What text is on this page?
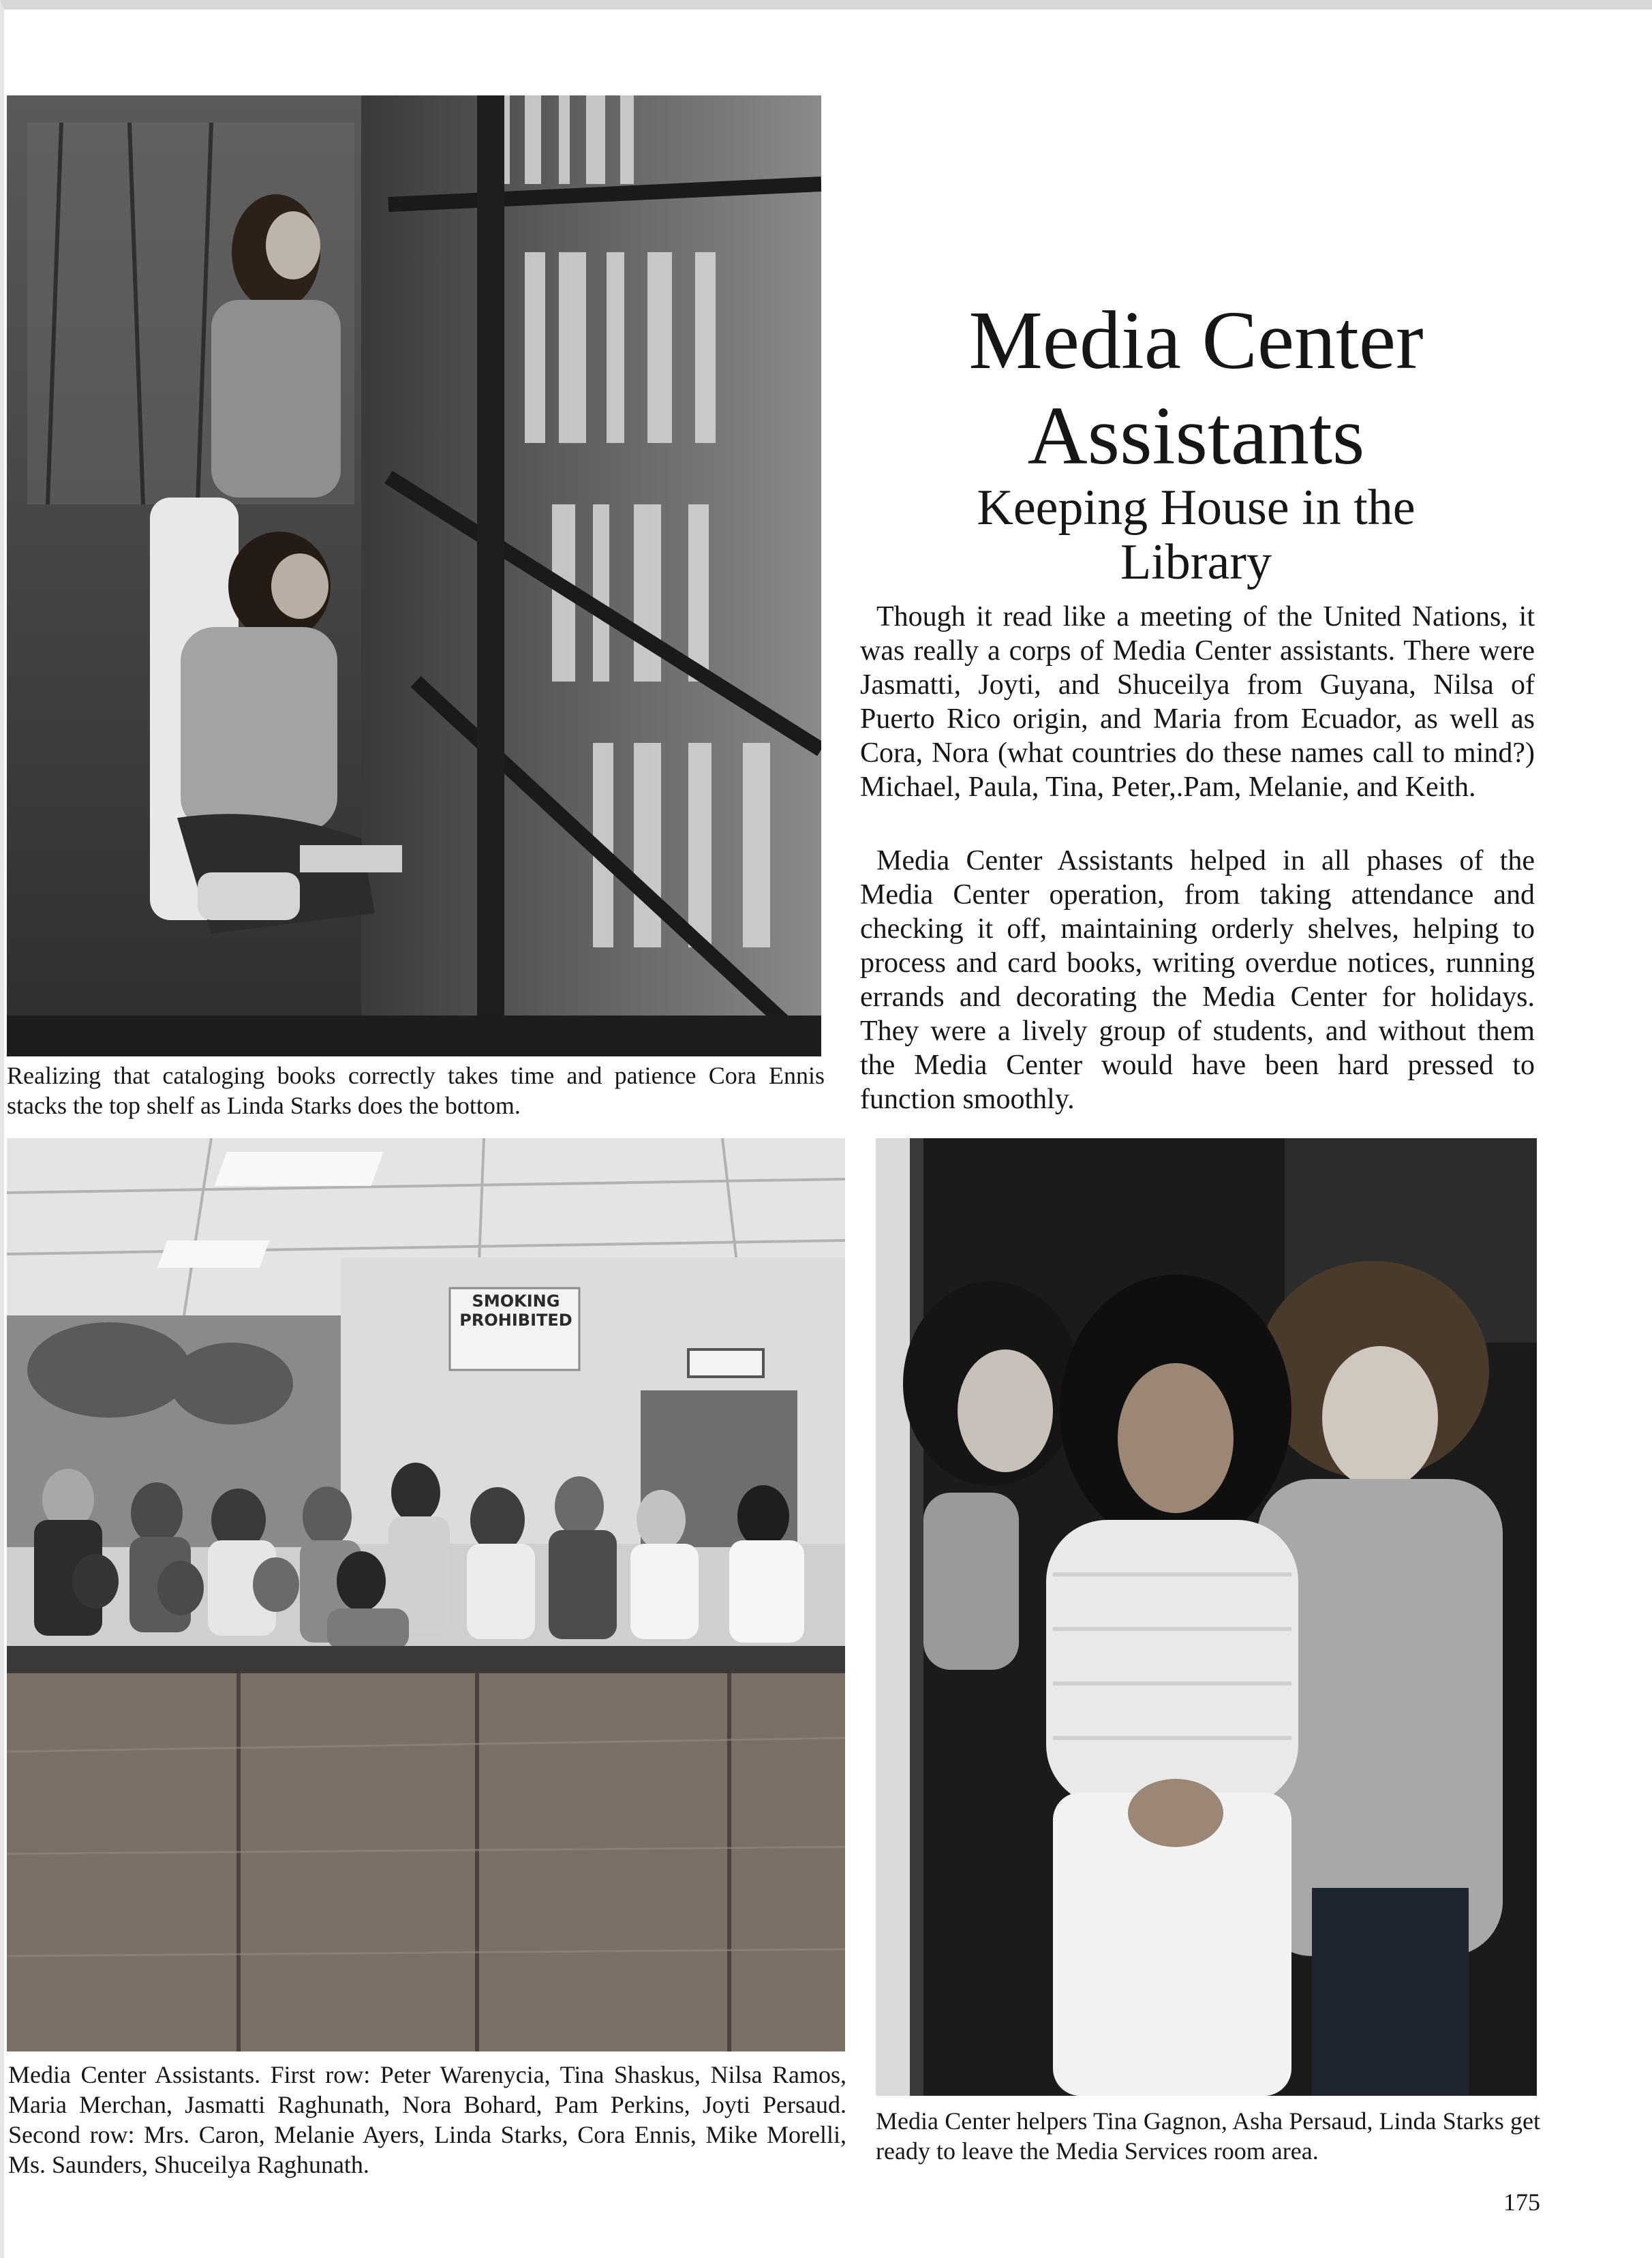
Realizing that cataloging books correctly takes time and patience Cora Ennis stacks the top shelf as Linda Starks does the bottom.

Media Center
Assistants
Keeping House in the
Library

Though it read like a meeting of the United Nations, it was really a corps of Media Center assistants. There were Jasmatti, Joyti, and Shuceilya from Guyana, Nilsa of Puerto Rico origin, and Maria from Ecuador, as well as Cora, Nora (what countries do these names call to mind?) Michael, Paula, Tina, Peter,.Pam, Melanie, and Keith.

Media Center Assistants helped in all phases of the Media Center operation, from taking attendance and checking it off, maintaining orderly shelves, helping to process and card books, writing overdue notices, running errands and decorating the Media Center for holidays. They were a lively group of students, and without them the Media Center would have been hard pressed to function smoothly.

SMOKING
PROHIBITED

Media Center Assistants. First row: Peter Warenycia, Tina Shaskus, Nilsa Ramos, Maria Merchan, Jasmatti Raghunath, Nora Bohard, Pam Perkins, Joyti Persaud. Second row: Mrs. Caron, Melanie Ayers, Linda Starks, Cora Ennis, Mike Morelli, Ms. Saunders, Shuceilya Raghunath.

Media Center helpers Tina Gagnon, Asha Persaud, Linda Starks get ready to leave the Media Services room area.

175
